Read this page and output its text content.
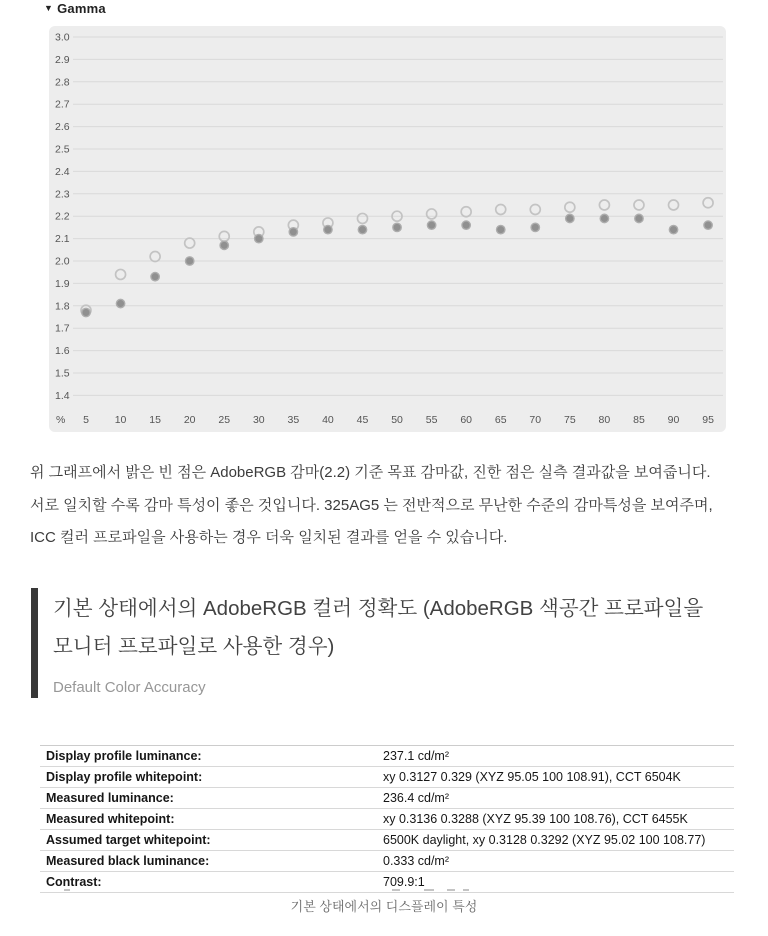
▼ Gamma
3.0
2.9
2.8
2.7
2.6
2.5
2.4
2.3
2.2
2.1
2.0
1.9
1.8
1.7
1.6
1.5
1.4
% 5 10 15 20 25 30 35 40 45 50 55 60 65 70 75 80 85 90 95
위 그래프에서 밝은 빈 점은 AdobeRGB 감마(2.2) 기준 목표 감마값, 진한 점은 실측 결과값을 보여줍니다. 서로 일치할 수록 감마 특성이 좋은 것입니다. 325AG5 는 전반적으로 무난한 수준의 감마특성을 보여주며, ICC 컬러 프로파일을 사용하는 경우 더욱 일치된 결과를 얻을 수 있습니다.
기본 상태에서의 AdobeRGB 컬러 정확도 (AdobeRGB 색공간 프로파일을 모니터 프로파일로 사용한 경우)
Default Color Accuracy
Display profile luminance:	237.1 cd/m²
Display profile whitepoint:	xy 0.3127 0.329 (XYZ 95.05 100 108.91), CCT 6504K
Measured luminance:	236.4 cd/m²
Measured whitepoint:	xy 0.3136 0.3288 (XYZ 95.39 100 108.76), CCT 6455K
Assumed target whitepoint:	6500K daylight, xy 0.3128 0.3292 (XYZ 95.02 100 108.77)
Measured black luminance:	0.333 cd/m²
Contrast:	709.9:1
기본 상태에서의 디스플레이 특성
